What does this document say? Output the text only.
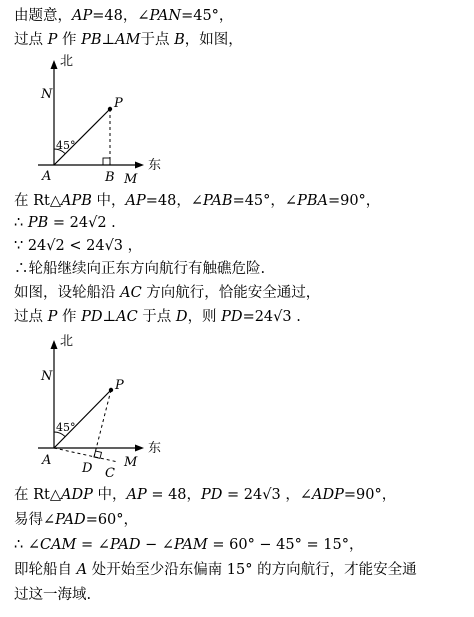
由题意，AP=48，∠PAN=45°，
过点 P 作 PB⊥AM于点 B，如图，
北
东
N
P
45°
A	B M
在 Rt△APB 中，AP=48，∠PAB=45°，∠PBA=90°，
∴ PB = 24√2 .
∵ 24√2 < 24√3 ，
∴轮船继续向正东方向航行有触礁危险.
如图，设轮船沿 AC 方向航行，恰能安全通过，
过点 P 作 PD⊥AC 于点 D，则 PD=24√3 .
北
东
N
P
45°
A
D C
M
在 Rt△ADP 中，AP = 48，PD = 24√3 ，∠ADP=90°，
易得∠PAD=60°，
∴ ∠CAM = ∠PAD − ∠PAM = 60° − 45° = 15°，
即轮船自 A 处开始至少沿东偏南 15° 的方向航行，才能安全通
过这一海域.
